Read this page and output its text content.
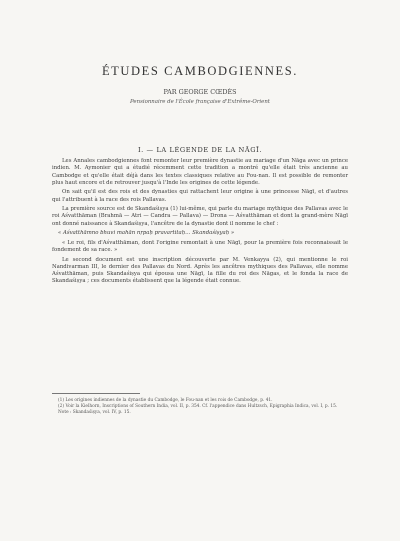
ÉTUDES CAMBODGIENNES.
PAR GEORGE CŒDÈS
Pensionnaire de l'École française d'Extrême-Orient
I. — LA LÉGENDE DE LA NĀGĪ.

Les Annales cambodgiennes font remonter leur première dynastie au mariage d'un Nāga avec un prince indien. M. Aymonier qui a étudié récemment cette tradition a montré qu'elle était très ancienne au Cambodge et qu'elle était déjà dans les textes classiques relative au Fou-nan. Il est possible de remonter plus haut encore et de retrouver jusqu'à l'Inde les origines de cette légende.

On sait qu'il est des rois et des dynasties qui rattachent leur origine à une princesse Nāgī, et d'autres qui l'attribuent à la race des rois Pallavas.

La première source est de Skandaśiṣya (1) lui-même, qui parle du mariage mythique des Pallavas avec le roi Aśvatthāman (Brahmā — Atri — Candra — Pallava) — Drona — Aśvatthāman et dont la grand-mère Nāgī ont donné naissance à Skandaśiṣya, l'ancêtre de la dynastie dont il nomme le chef :

« Aśvatthāmno bhuvi mahān nṛpaḥ pravartitaḥ… Skandaśiṣyaḥ »

« Le roi, fils d'Aśvatthāman, dont l'origine remontait à une Nāgī, pour la première fois reconnaissait le fondement de sa race. »

Le second document est une inscription découverte par M. Venkayya (2), qui mentionne le roi Nandivarman III, le dernier des Pallavas du Nord. Après les ancêtres mythiques des Pallavas, elle nomme Aśvatthāman, puis Skandaśiṣya qui épousa une Nāgī, la fille du roi des Nāgas, et le fonda la race de Skandaśiṣya ; ces documents établissent que la légende était connue.

(1) Les origines indiennes de la dynastie du Cambodge, le Fou-nan et les rois de Cambodge, p. 41.

(2) Voir la Kielhorn, Inscriptions of Southern India, vol. II, p. 354. Cf. l'appendice dans Hultzsch, Epigraphia Indica, vol. I, p. 15.

Note : Skandaśiṣya, vol. IV, p. 15.
